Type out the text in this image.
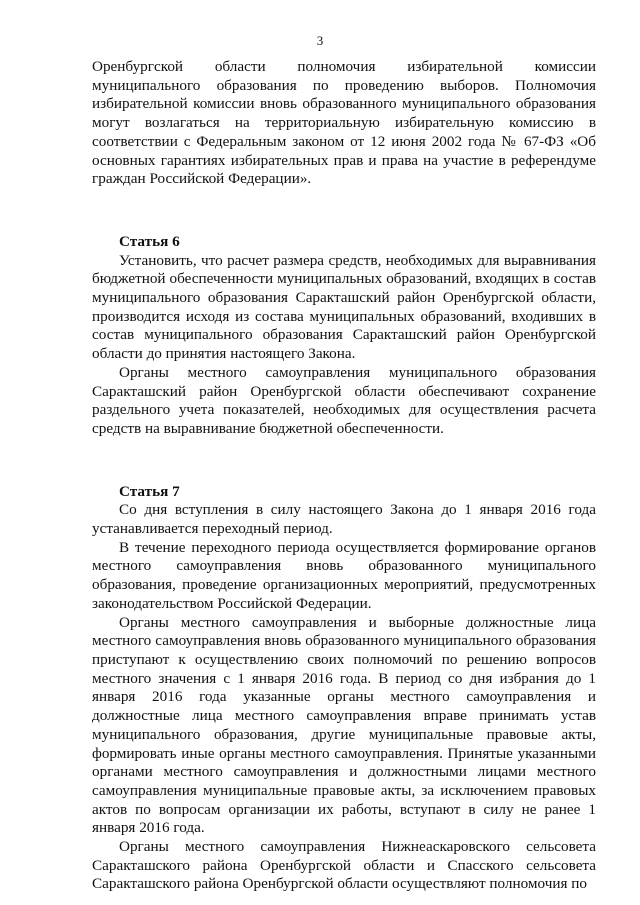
3

Оренбургской области полномочия избирательной комиссии муниципального образования по проведению выборов. Полномочия избирательной комиссии вновь образованного муниципального образования могут возлагаться на территориальную избирательную комиссию в соответствии с Федеральным законом от 12 июня 2002 года № 67-ФЗ «Об основных гарантиях избирательных прав и права на участие в референдуме граждан Российской Федерации».

Статья 6

Установить, что расчет размера средств, необходимых для выравнивания бюджетной обеспеченности муниципальных образований, входящих в состав муниципального образования Саракташский район Оренбургской области, производится исходя из состава муниципальных образований, входивших в состав муниципального образования Саракташский район Оренбургской области до принятия настоящего Закона.

Органы местного самоуправления муниципального образования Саракташский район Оренбургской области обеспечивают сохранение раздельного учета показателей, необходимых для осуществления расчета средств на выравнивание бюджетной обеспеченности.

Статья 7

Со дня вступления в силу настоящего Закона до 1 января 2016 года устанавливается переходный период.

В течение переходного периода осуществляется формирование органов местного самоуправления вновь образованного муниципального образования, проведение организационных мероприятий, предусмотренных законодательством Российской Федерации.

Органы местного самоуправления и выборные должностные лица местного самоуправления вновь образованного муниципального образования приступают к осуществлению своих полномочий по решению вопросов местного значения с 1 января 2016 года. В период со дня избрания до 1 января 2016 года указанные органы местного самоуправления и должностные лица местного самоуправления вправе принимать устав муниципального образования, другие муниципальные правовые акты, формировать иные органы местного самоуправления. Принятые указанными органами местного самоуправления и должностными лицами местного самоуправления муниципальные правовые акты, за исключением правовых актов по вопросам организации их работы, вступают в силу не ранее 1 января 2016 года.

Органы местного самоуправления Нижнеаскаровского сельсовета Саракташского района Оренбургской области и Спасского сельсовета Саракташского района Оренбургской области осуществляют полномочия по
